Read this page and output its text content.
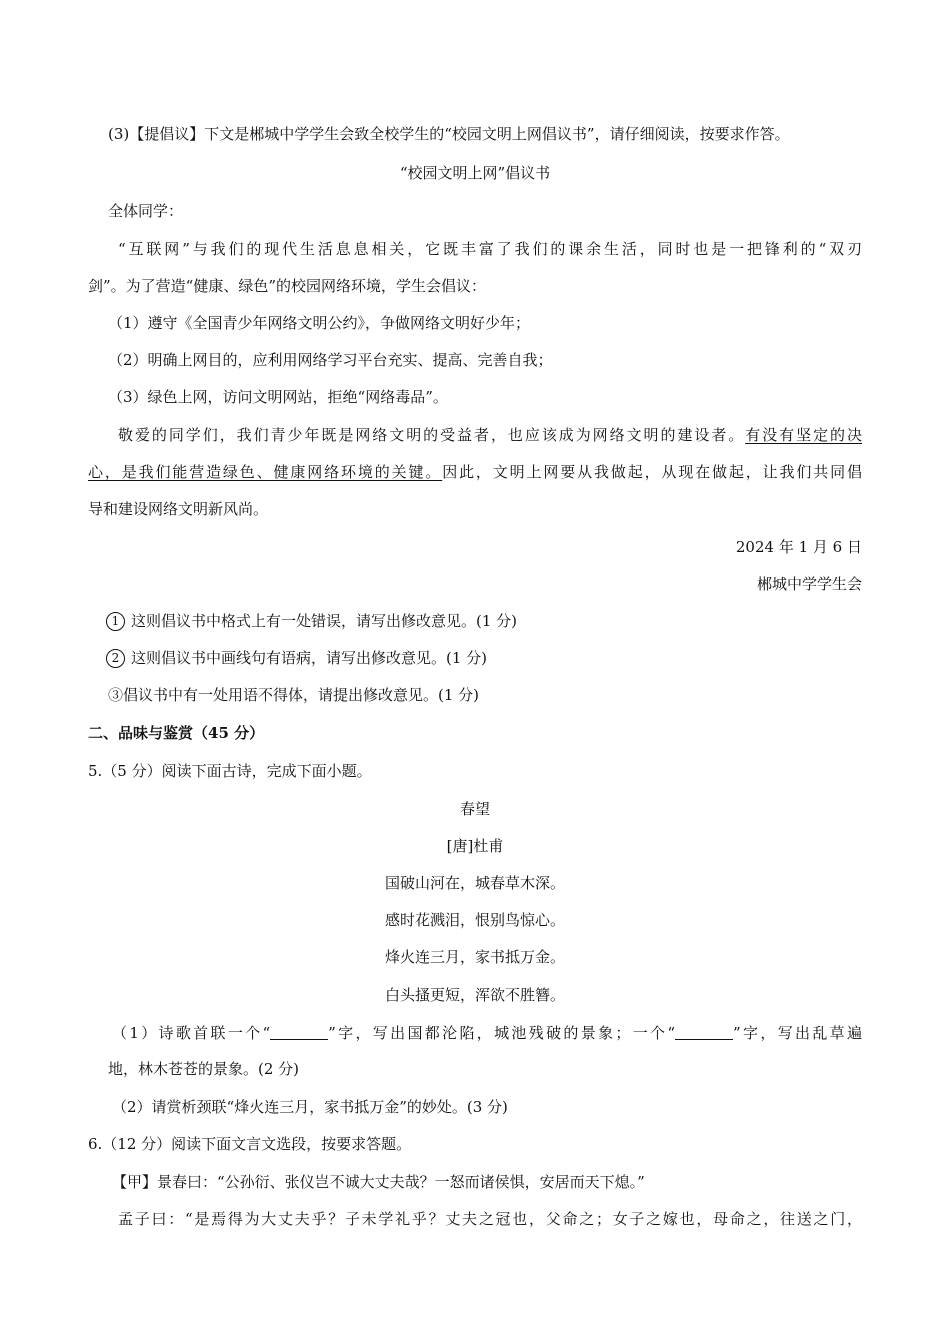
(3)【提倡议】下文是郴城中学学生会致全校学生的“校园文明上网倡议书”，请仔细阅读，按要求作答。
“校园文明上网”倡议书
全体同学：
“互联网”与我们的现代生活息息相关，它既丰富了我们的课余生活，同时也是一把锋利的“双刃
剑”。为了营造“健康、绿色”的校园网络环境，学生会倡议：
（1）遵守《全国青少年网络文明公约》，争做网络文明好少年；
（2）明确上网目的，应利用网络学习平台充实、提高、完善自我；
（3）绿色上网，访问文明网站，拒绝“网络毒品”。
敬爱的同学们，我们青少年既是网络文明的受益者，也应该成为网络文明的建设者。有没有坚定的决
心，是我们能营造绿色、健康网络环境的关键。因此，文明上网要从我做起，从现在做起，让我们共同倡
导和建设网络文明新风尚。
2024 年 1 月 6 日
郴城中学学生会
1 这则倡议书中格式上有一处错误，请写出修改意见。(1 分)
2 这则倡议书中画线句有语病，请写出修改意见。(1 分)
③倡议书中有一处用语不得体，请提出修改意见。(1 分)
二、品味与鉴赏（45 分）
5.（5 分）阅读下面古诗，完成下面小题。
春望
[唐]杜甫
国破山河在，城春草木深。
感时花溅泪，恨别鸟惊心。
烽火连三月，家书抵万金。
白头搔更短，浑欲不胜簪。
（1）诗歌首联一个“	”字，写出国都沦陷，城池残破的景象；一个“	”字，写出乱草遍
地，林木苍苍的景象。(2 分)
（2）请赏析颈联“烽火连三月，家书抵万金”的妙处。(3 分)
6.（12 分）阅读下面文言文选段，按要求答题。
【甲】景春曰：“公孙衍、张仪岂不诚大丈夫哉？一怒而诸侯惧，安居而天下熄。”
孟子曰：“是焉得为大丈夫乎？子未学礼乎？丈夫之冠也，父命之；女子之嫁也，母命之，往送之门，
